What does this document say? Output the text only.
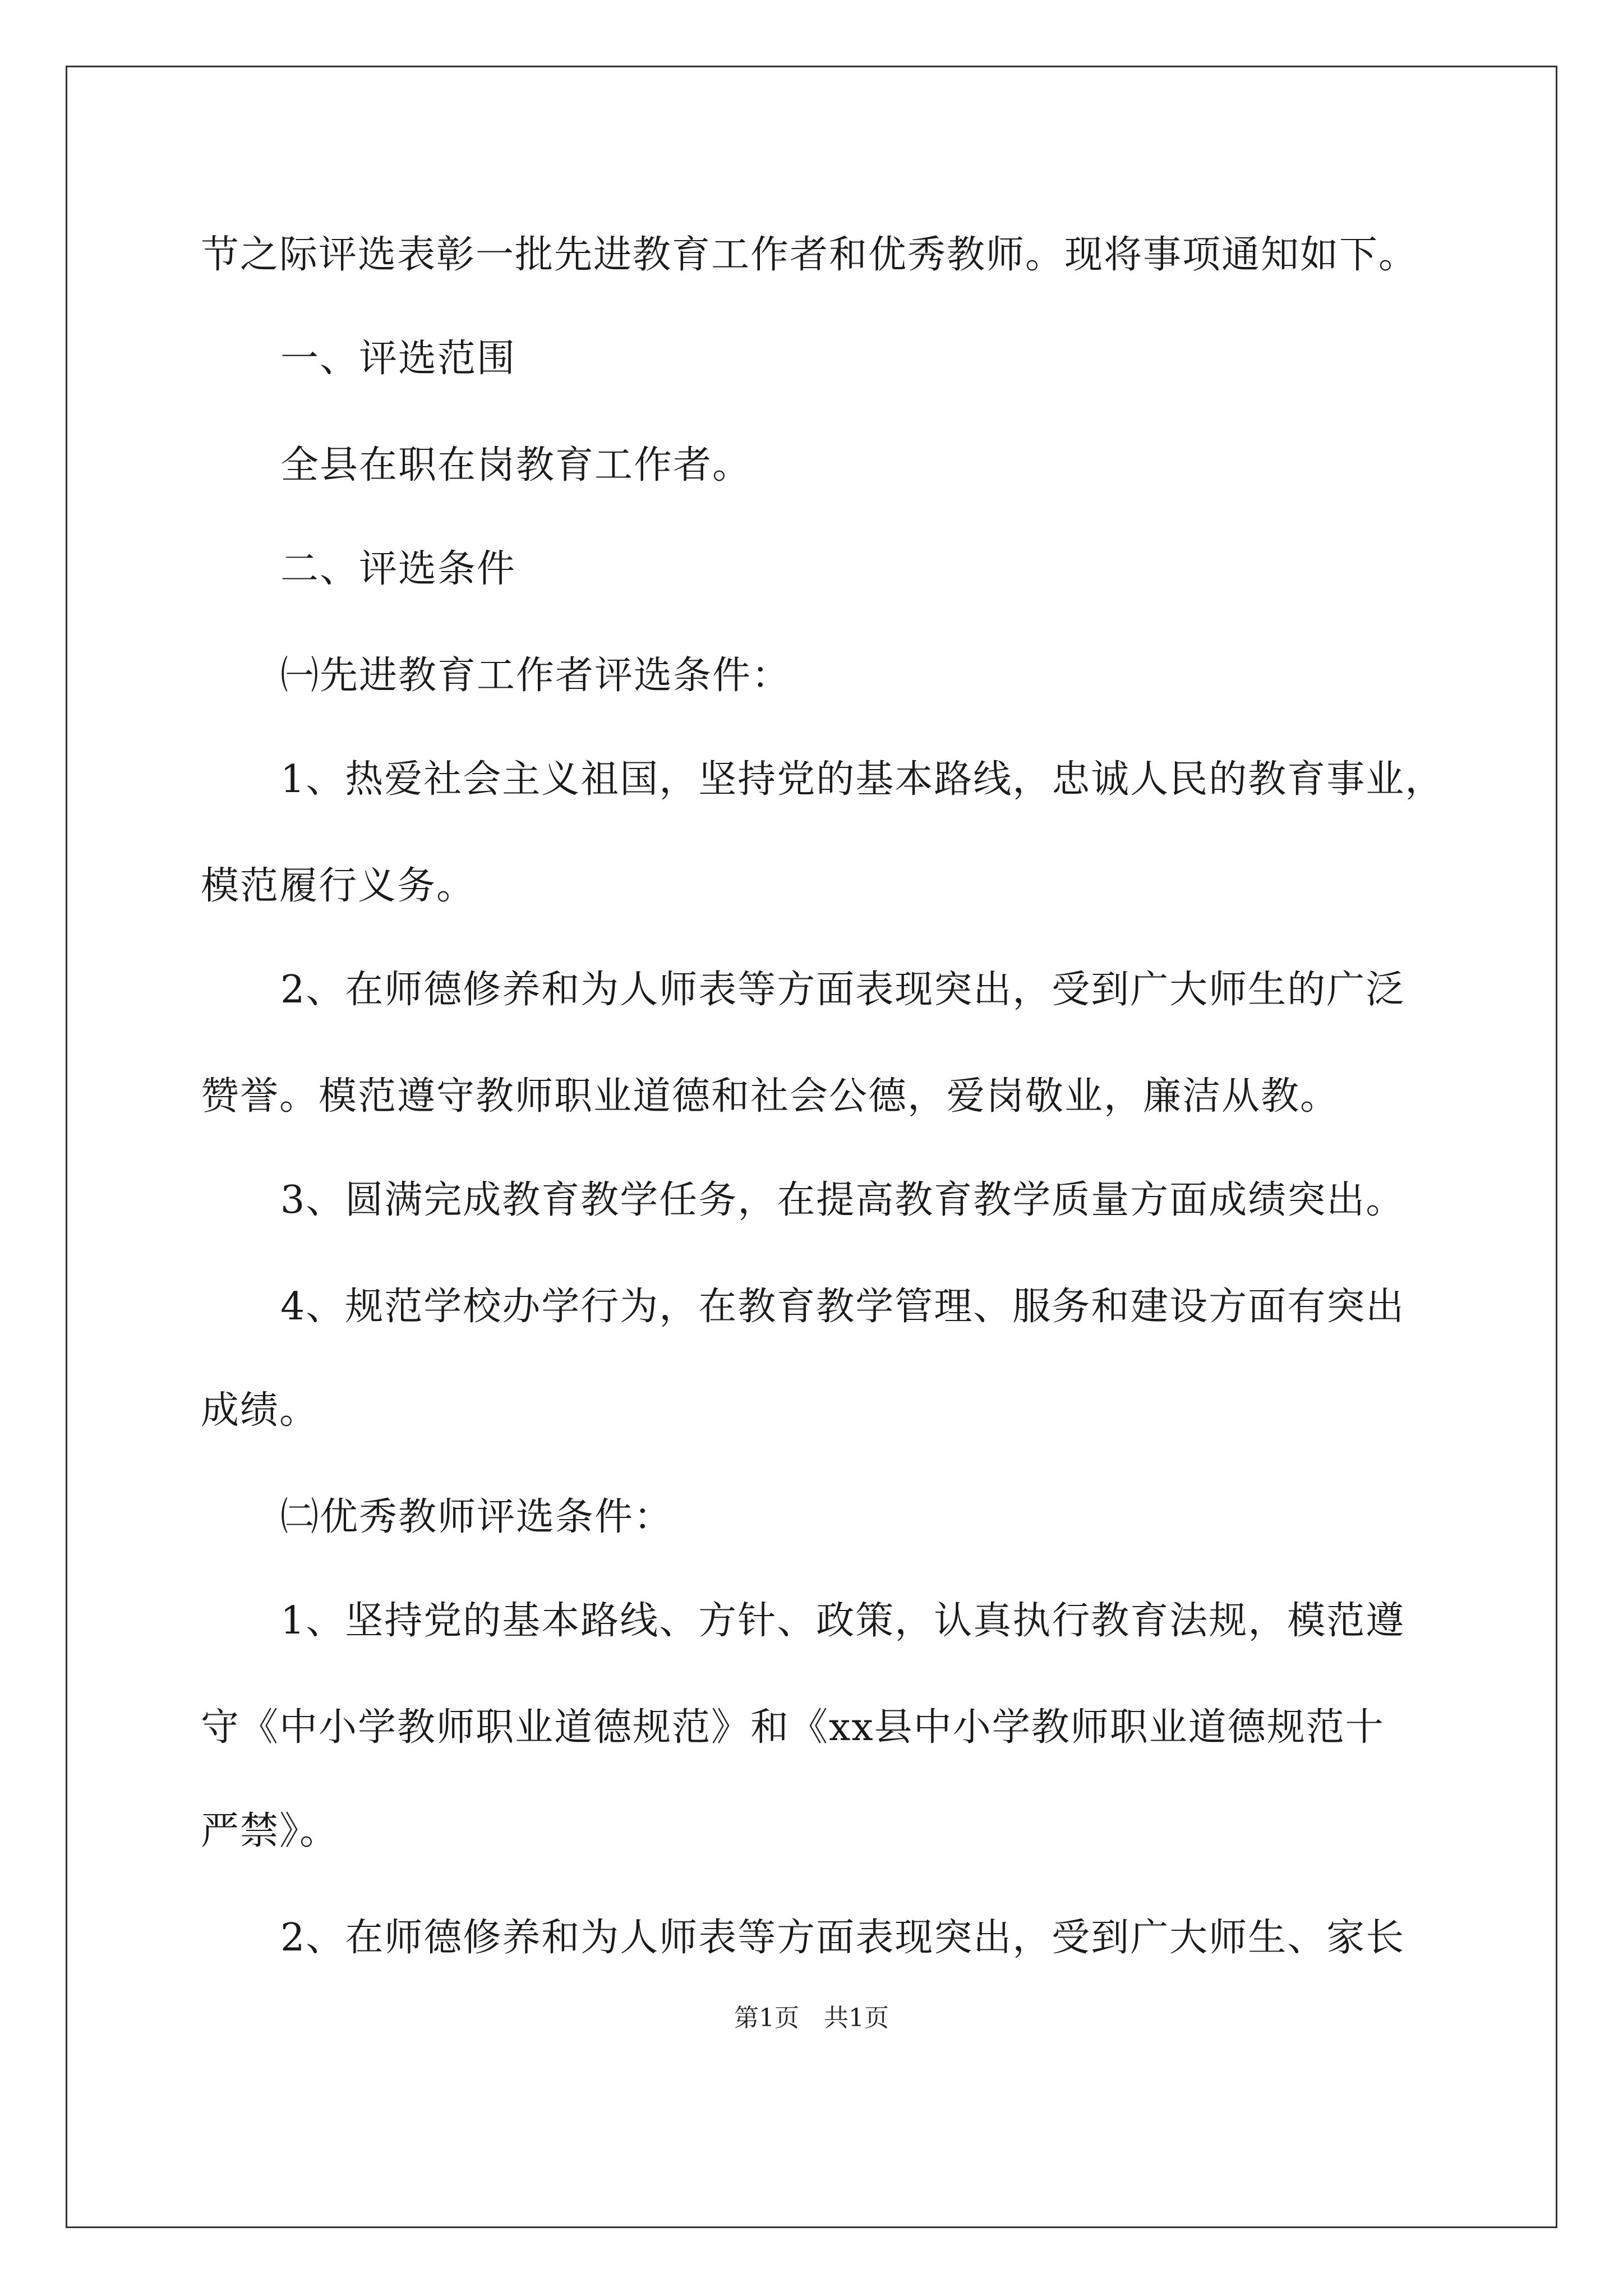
节之际评选表彰一批先进教育工作者和优秀教师。现将事项通知如下。
一、评选范围
全县在职在岗教育工作者。
二、评选条件
㈠先进教育工作者评选条件：
1、热爱社会主义祖国，坚持党的基本路线，忠诚人民的教育事业，
模范履行义务。
2、在师德修养和为人师表等方面表现突出，受到广大师生的广泛
赞誉。模范遵守教师职业道德和社会公德，爱岗敬业，廉洁从教。
3、圆满完成教育教学任务，在提高教育教学质量方面成绩突出。
4、规范学校办学行为，在教育教学管理、服务和建设方面有突出
成绩。
㈡优秀教师评选条件：
1、坚持党的基本路线、方针、政策，认真执行教育法规，模范遵
守《中小学教师职业道德规范》和《xx县中小学教师职业道德规范十
严禁》。
2、在师德修养和为人师表等方面表现突出，受到广大师生、家长
第1页　共1页
